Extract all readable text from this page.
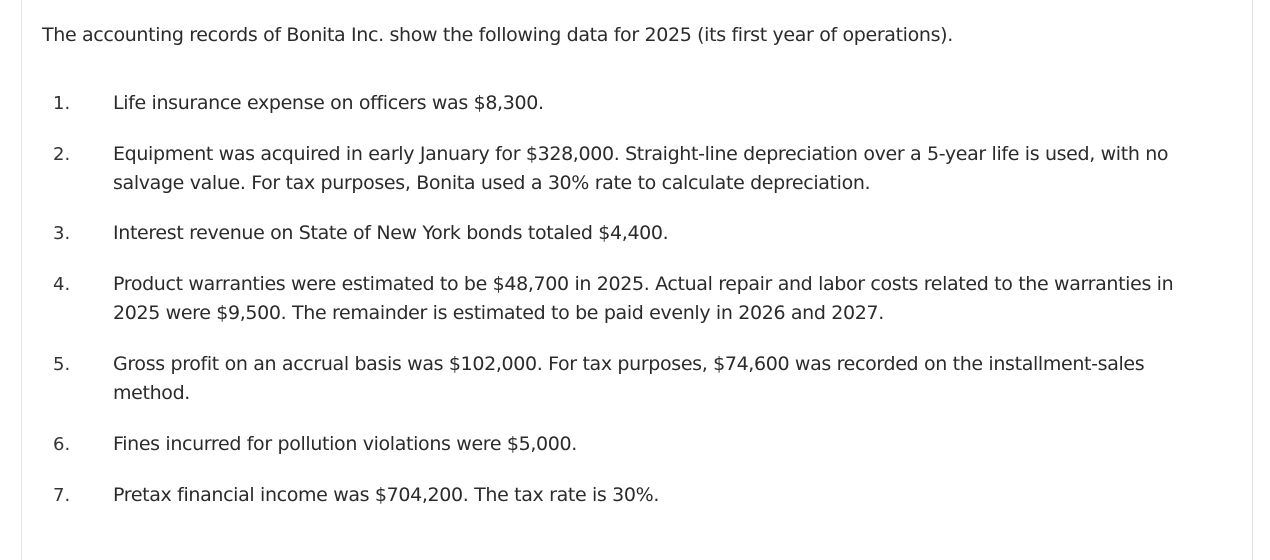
The accounting records of Bonita Inc. show the following data for 2025 (its first year of operations).

1. Life insurance expense on officers was $8,300.
2. Equipment was acquired in early January for $328,000. Straight-line depreciation over a 5-year life is used, with no salvage value. For tax purposes, Bonita used a 30% rate to calculate depreciation.
3. Interest revenue on State of New York bonds totaled $4,400.
4. Product warranties were estimated to be $48,700 in 2025. Actual repair and labor costs related to the warranties in 2025 were $9,500. The remainder is estimated to be paid evenly in 2026 and 2027.
5. Gross profit on an accrual basis was $102,000. For tax purposes, $74,600 was recorded on the installment-sales method.
6. Fines incurred for pollution violations were $5,000.
7. Pretax financial income was $704,200. The tax rate is 30%.
